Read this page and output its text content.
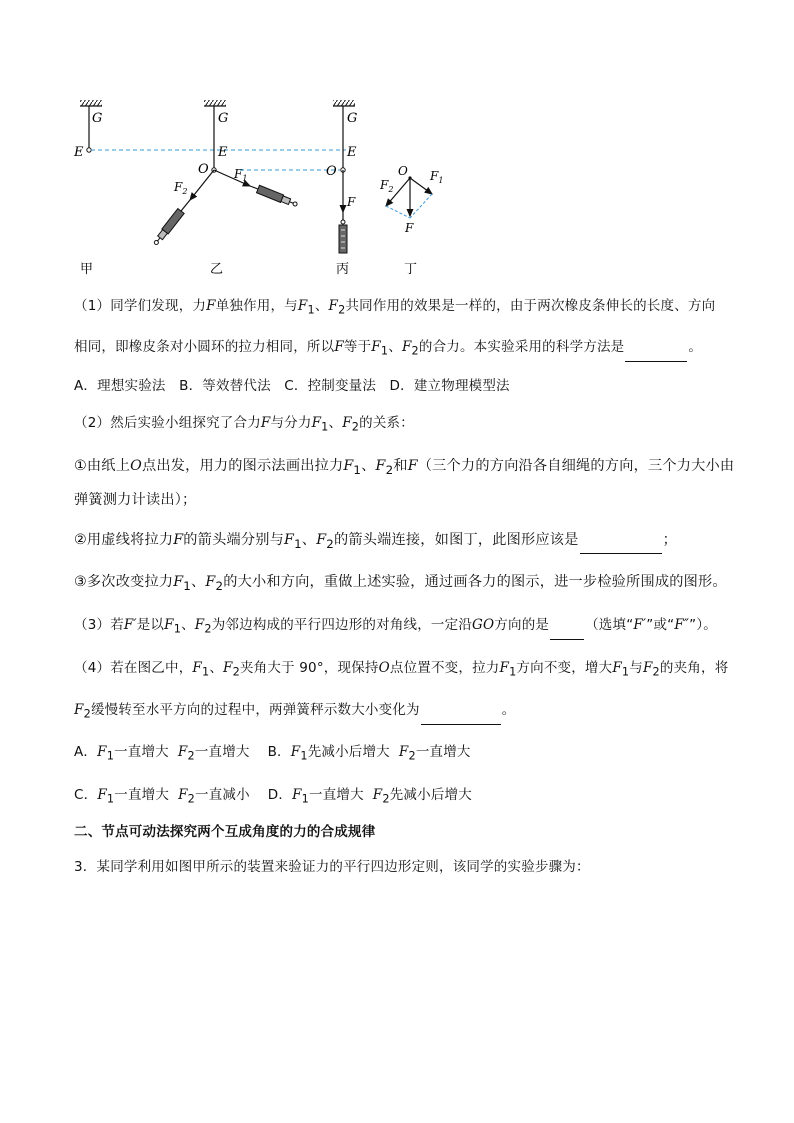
G
E
甲
G
E
O $F_1$
$F_2$
乙
G
E
O
F
丙
O $F_1$
$F_2$
F
丁
（1）同学们发现，力F单独作用，与$F_1$、$F_2$共同作用的效果是一样的，由于两次橡皮条伸长的长度、方向
相同，即橡皮条对小圆环的拉力相同，所以F等于$F_1$、$F_2$的合力。本实验采用的科学方法是	。
A．理想实验法   B．等效替代法   C．控制变量法   D．建立物理模型法
（2）然后实验小组探究了合力F与分力$F_1$、$F_2$的关系：
①由纸上O点出发，用力的图示法画出拉力$F_1$、$F_2$和F（三个力的方向沿各自细绳的方向，三个力大小由
弹簧测力计读出）；
②用虚线将拉力F的箭头端分别与$F_1$、$F_2$的箭头端连接，如图丁，此图形应该是	；
③多次改变拉力$F_1$、$F_2$的大小和方向，重做上述实验，通过画各力的图示，进一步检验所围成的图形。
（3）若F′是以$F_1$、$F_2$为邻边构成的平行四边形的对角线，一定沿GO方向的是	（选填“F′”或“F″”）。
（4）若在图乙中，$F_1$、$F_2$夹角大于 90°，现保持O点位置不变，拉力$F_1$方向不变，增大$F_1$与$F_2$的夹角，将
$F_2$缓慢转至水平方向的过程中，两弹簧秤示数大小变化为	。
A．$F_1$一直增大  $F_2$一直增大    B．$F_1$先减小后增大  $F_2$一直增大
C．$F_1$一直增大  $F_2$一直减小    D．$F_1$一直增大  $F_2$先减小后增大
二、节点可动法探究两个互成角度的力的合成规律
3．某同学利用如图甲所示的装置来验证力的平行四边形定则，该同学的实验步骤为：
